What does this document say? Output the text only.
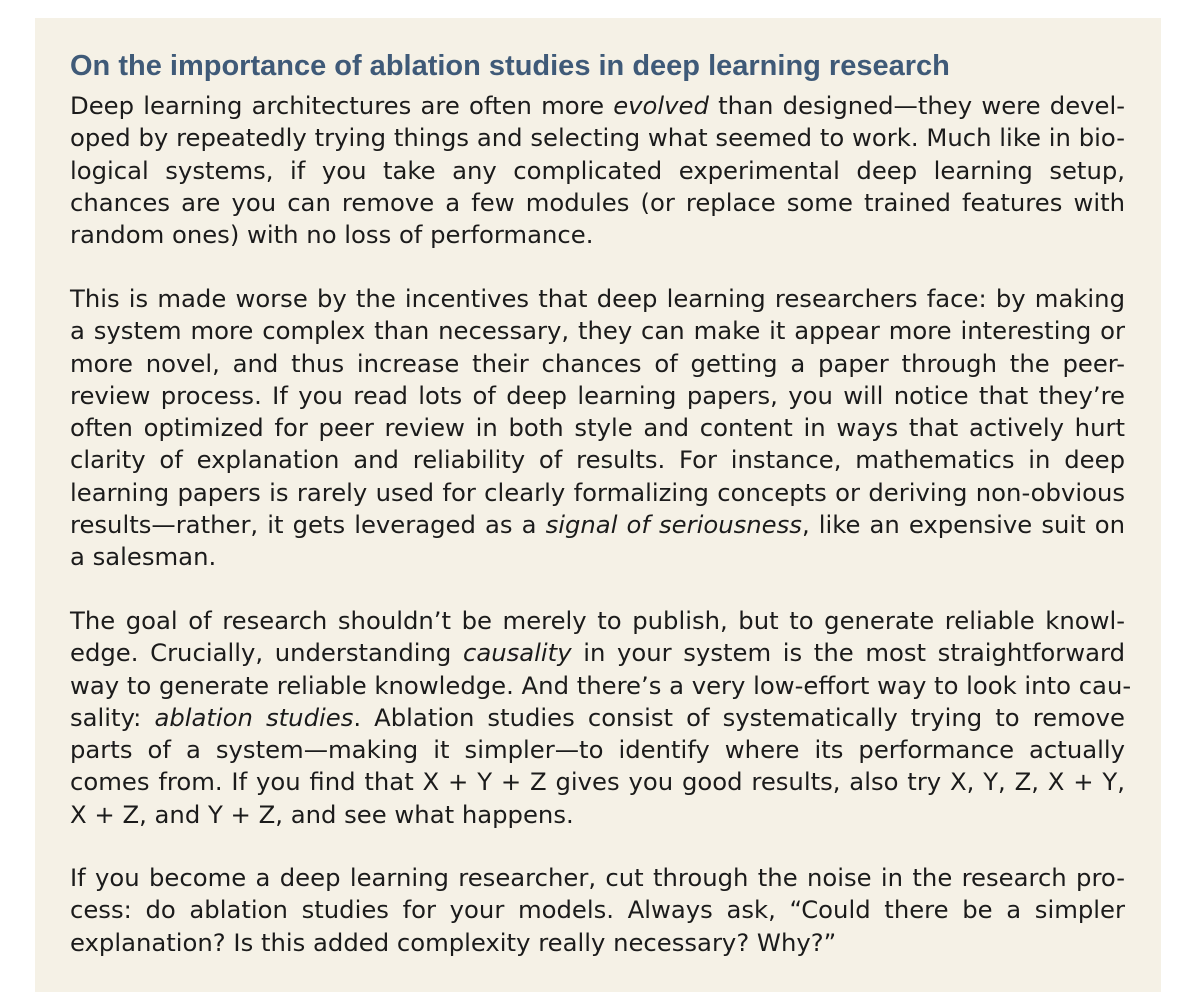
On the importance of ablation studies in deep learning research

Deep learning architectures are often more evolved than designed—they were devel-
oped by repeatedly trying things and selecting what seemed to work. Much like in bio-
logical systems, if you take any complicated experimental deep learning setup,
chances are you can remove a few modules (or replace some trained features with
random ones) with no loss of performance.

This is made worse by the incentives that deep learning researchers face: by making
a system more complex than necessary, they can make it appear more interesting or
more novel, and thus increase their chances of getting a paper through the peer-
review process. If you read lots of deep learning papers, you will notice that they’re
often optimized for peer review in both style and content in ways that actively hurt
clarity of explanation and reliability of results. For instance, mathematics in deep
learning papers is rarely used for clearly formalizing concepts or deriving non-obvious
results—rather, it gets leveraged as a signal of seriousness, like an expensive suit on
a salesman.

The goal of research shouldn’t be merely to publish, but to generate reliable knowl-
edge. Crucially, understanding causality in your system is the most straightforward
way to generate reliable knowledge. And there’s a very low-effort way to look into cau-
sality: ablation studies. Ablation studies consist of systematically trying to remove
parts of a system—making it simpler—to identify where its performance actually
comes from. If you find that X + Y + Z gives you good results, also try X, Y, Z, X + Y,
X + Z, and Y + Z, and see what happens.

If you become a deep learning researcher, cut through the noise in the research pro-
cess: do ablation studies for your models. Always ask, “Could there be a simpler
explanation? Is this added complexity really necessary? Why?”
